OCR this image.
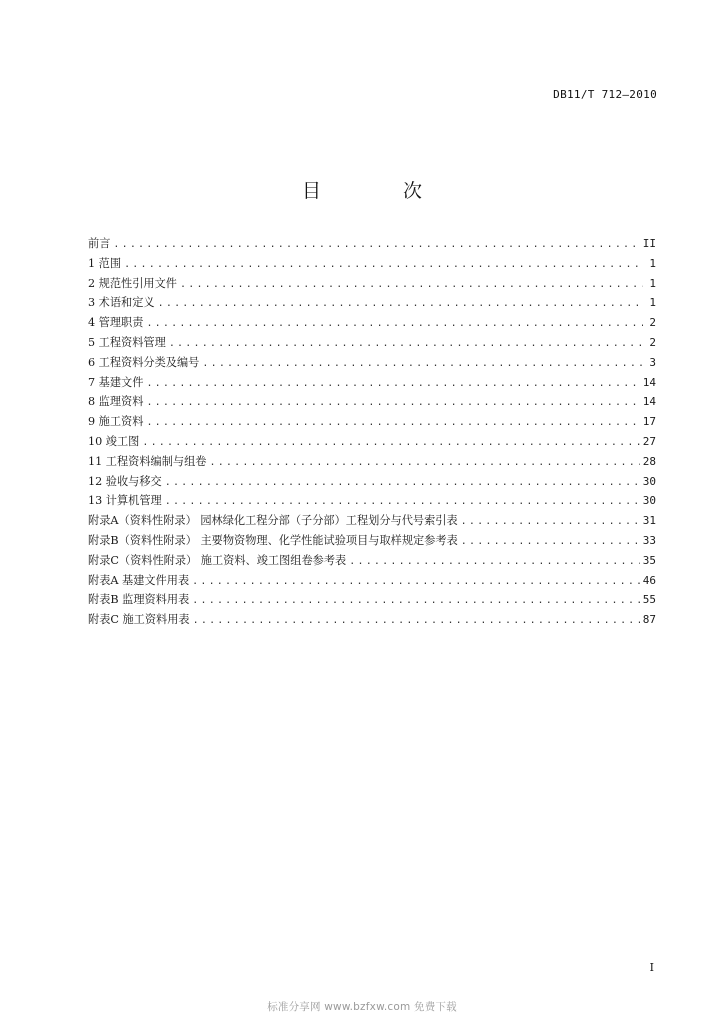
DB11/T 712—2010
目 次
前言 .....	II
1 范围 .....	1
2 规范性引用文件 .....	1
3 术语和定义 .....	1
4 管理职责 .....	2
5 工程资料管理 .....	2
6 工程资料分类及编号 .....	3
7 基建文件 .....	14
8 监理资料 .....	14
9 施工资料 .....	17
10 竣工图 .....	27
11 工程资料编制与组卷 .....	28
12 验收与移交 .....	30
13 计算机管理 .....	30
附录A（资料性附录） 园林绿化工程分部（子分部）工程划分与代号索引表 .....	31
附录B（资料性附录） 主要物资物理、化学性能试验项目与取样规定参考表 .....	33
附录C（资料性附录） 施工资料、竣工图组卷参考表 .....	35
附表A 基建文件用表 .....	46
附表B 监理资料用表 .....	55
附表C 施工资料用表 .....	87
I
标准分享网 www.bzfxw.com 免费下载
